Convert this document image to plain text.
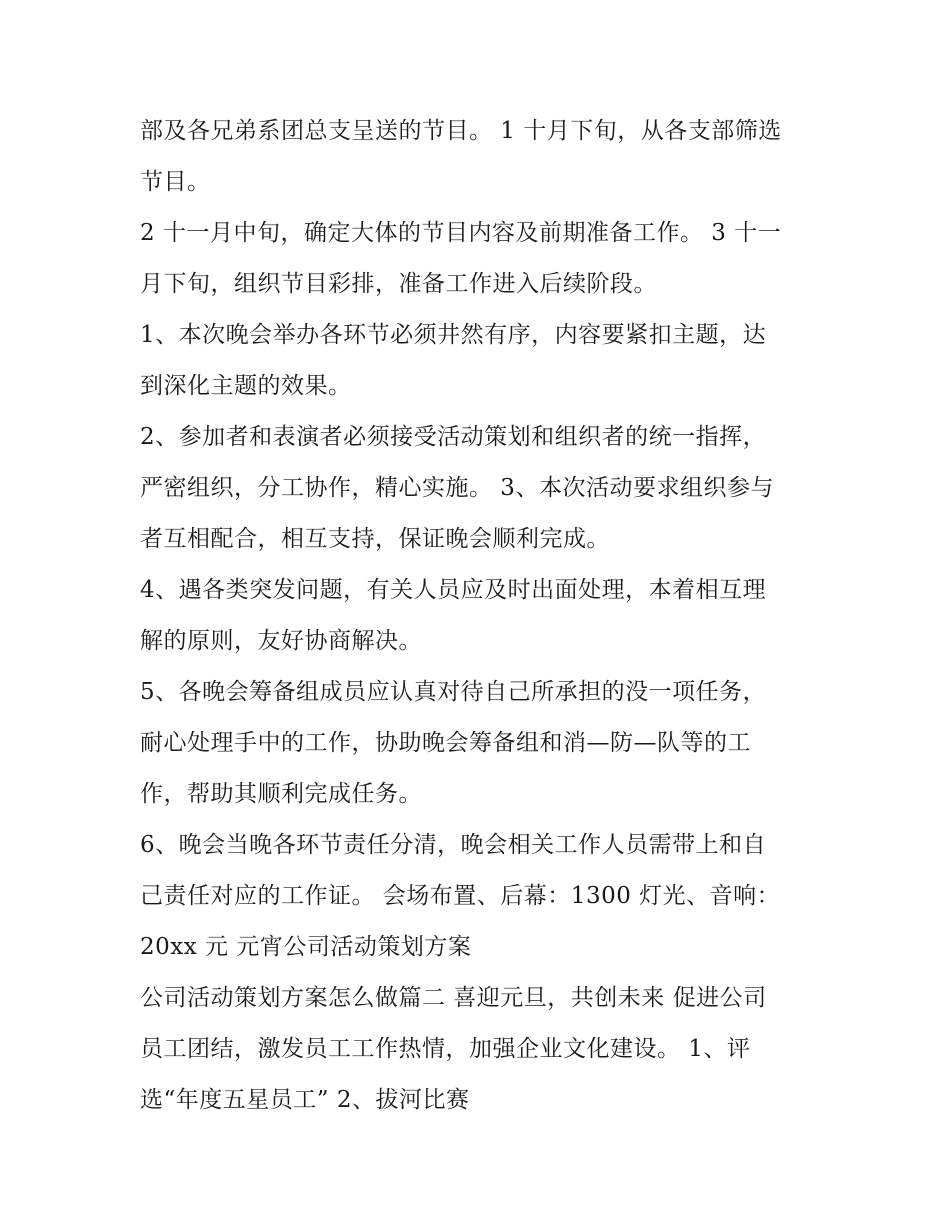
部及各兄弟系团总支呈送的节目。 1 十月下旬，从各支部筛选
节目。
2 十一月中旬，确定大体的节目内容及前期准备工作。 3 十一
月下旬，组织节目彩排，准备工作进入后续阶段。
1、本次晚会举办各环节必须井然有序，内容要紧扣主题，达
到深化主题的效果。
2、参加者和表演者必须接受活动策划和组织者的统一指挥，
严密组织，分工协作，精心实施。 3、本次活动要求组织参与
者互相配合，相互支持，保证晚会顺利完成。
4、遇各类突发问题，有关人员应及时出面处理，本着相互理
解的原则，友好协商解决。
5、各晚会筹备组成员应认真对待自己所承担的没一项任务，
耐心处理手中的工作，协助晚会筹备组和消—防—队等的工
作，帮助其顺利完成任务。
6、晚会当晚各环节责任分清，晚会相关工作人员需带上和自
己责任对应的工作证。 会场布置、后幕：1300 灯光、音响：
20xx 元 元宵公司活动策划方案
公司活动策划方案怎么做篇二 喜迎元旦，共创未来 促进公司
员工团结，激发员工工作热情，加强企业文化建设。 1、评
选“年度五星员工” 2、拔河比赛
